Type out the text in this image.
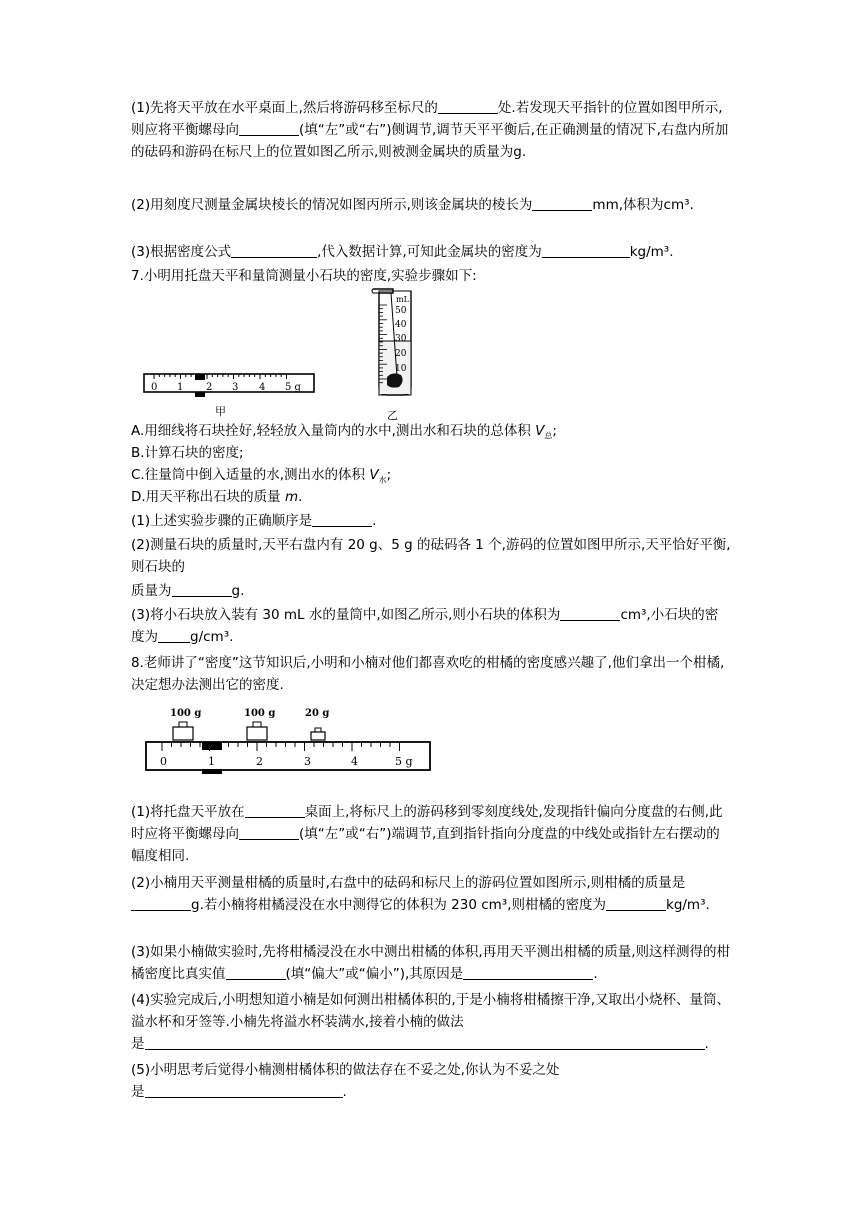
(1)先将天平放在水平桌面上,然后将游码移至标尺的	处.若发现天平指针的位置如图甲所示,则应将平衡螺母向	(填“左”或“右”)侧调节,调节天平平衡后,在正确测量的情况下,右盘内所加的砝码和游码在标尺上的位置如图乙所示,则被测金属块的质量为g.

(2)用刻度尺测量金属块棱长的情况如图丙所示,则该金属块的棱长为	mm,体积为cm³.

(3)根据密度公式	,代入数据计算,可知此金属块的密度为	kg/m³.

7.小明用托盘天平和量筒测量小石块的密度,实验步骤如下:

0 1 2 3 4 5 g
甲
mL
50
40
30
20
10
乙

A.用细线将石块拴好,轻轻放入量筒内的水中,测出水和石块的总体积 $V_总$;

B.计算石块的密度;

C.往量筒中倒入适量的水,测出水的体积 $V_水$;

D.用天平称出石块的质量 m.

(1)上述实验步骤的正确顺序是	.

(2)测量石块的质量时,天平右盘内有 20 g、5 g 的砝码各 1 个,游码的位置如图甲所示,天平恰好平衡,则石块的

质量为	g.

(3)将小石块放入装有 30 mL 水的量筒中,如图乙所示,则小石块的体积为	cm³,小石块的密度为 g/cm³.

8.老师讲了“密度”这节知识后,小明和小楠对他们都喜欢吃的柑橘的密度感兴趣了,他们拿出一个柑橘,决定想办法测出它的密度.

100 g	100 g	20 g
0	1	2	3	4	5 g

(1)将托盘天平放在	桌面上,将标尺上的游码移到零刻度线处,发现指针偏向分度盘的右侧,此时应将平衡螺母向	(填“左”或“右”)端调节,直到指针指向分度盘的中线处或指针左右摆动的幅度相同.

(2)小楠用天平测量柑橘的质量时,右盘中的砝码和标尺上的游码位置如图所示,则柑橘的质量是g.若小楠将柑橘浸没在水中测得它的体积为 230 cm³,则柑橘的密度为	kg/m³.

(3)如果小楠做实验时,先将柑橘浸没在水中测出柑橘的体积,再用天平测出柑橘的质量,则这样测得的柑橘密度比真实值	(填“偏大”或“偏小”),其原因是	.

(4)实验完成后,小明想知道小楠是如何测出柑橘体积的,于是小楠将柑橘擦干净,又取出小烧杯、量筒、溢水杯和牙签等.小楠先将溢水杯装满水,接着小楠的做法
是	.

(5)小明思考后觉得小楠测柑橘体积的做法存在不妥之处,你认为不妥之处
是	.
